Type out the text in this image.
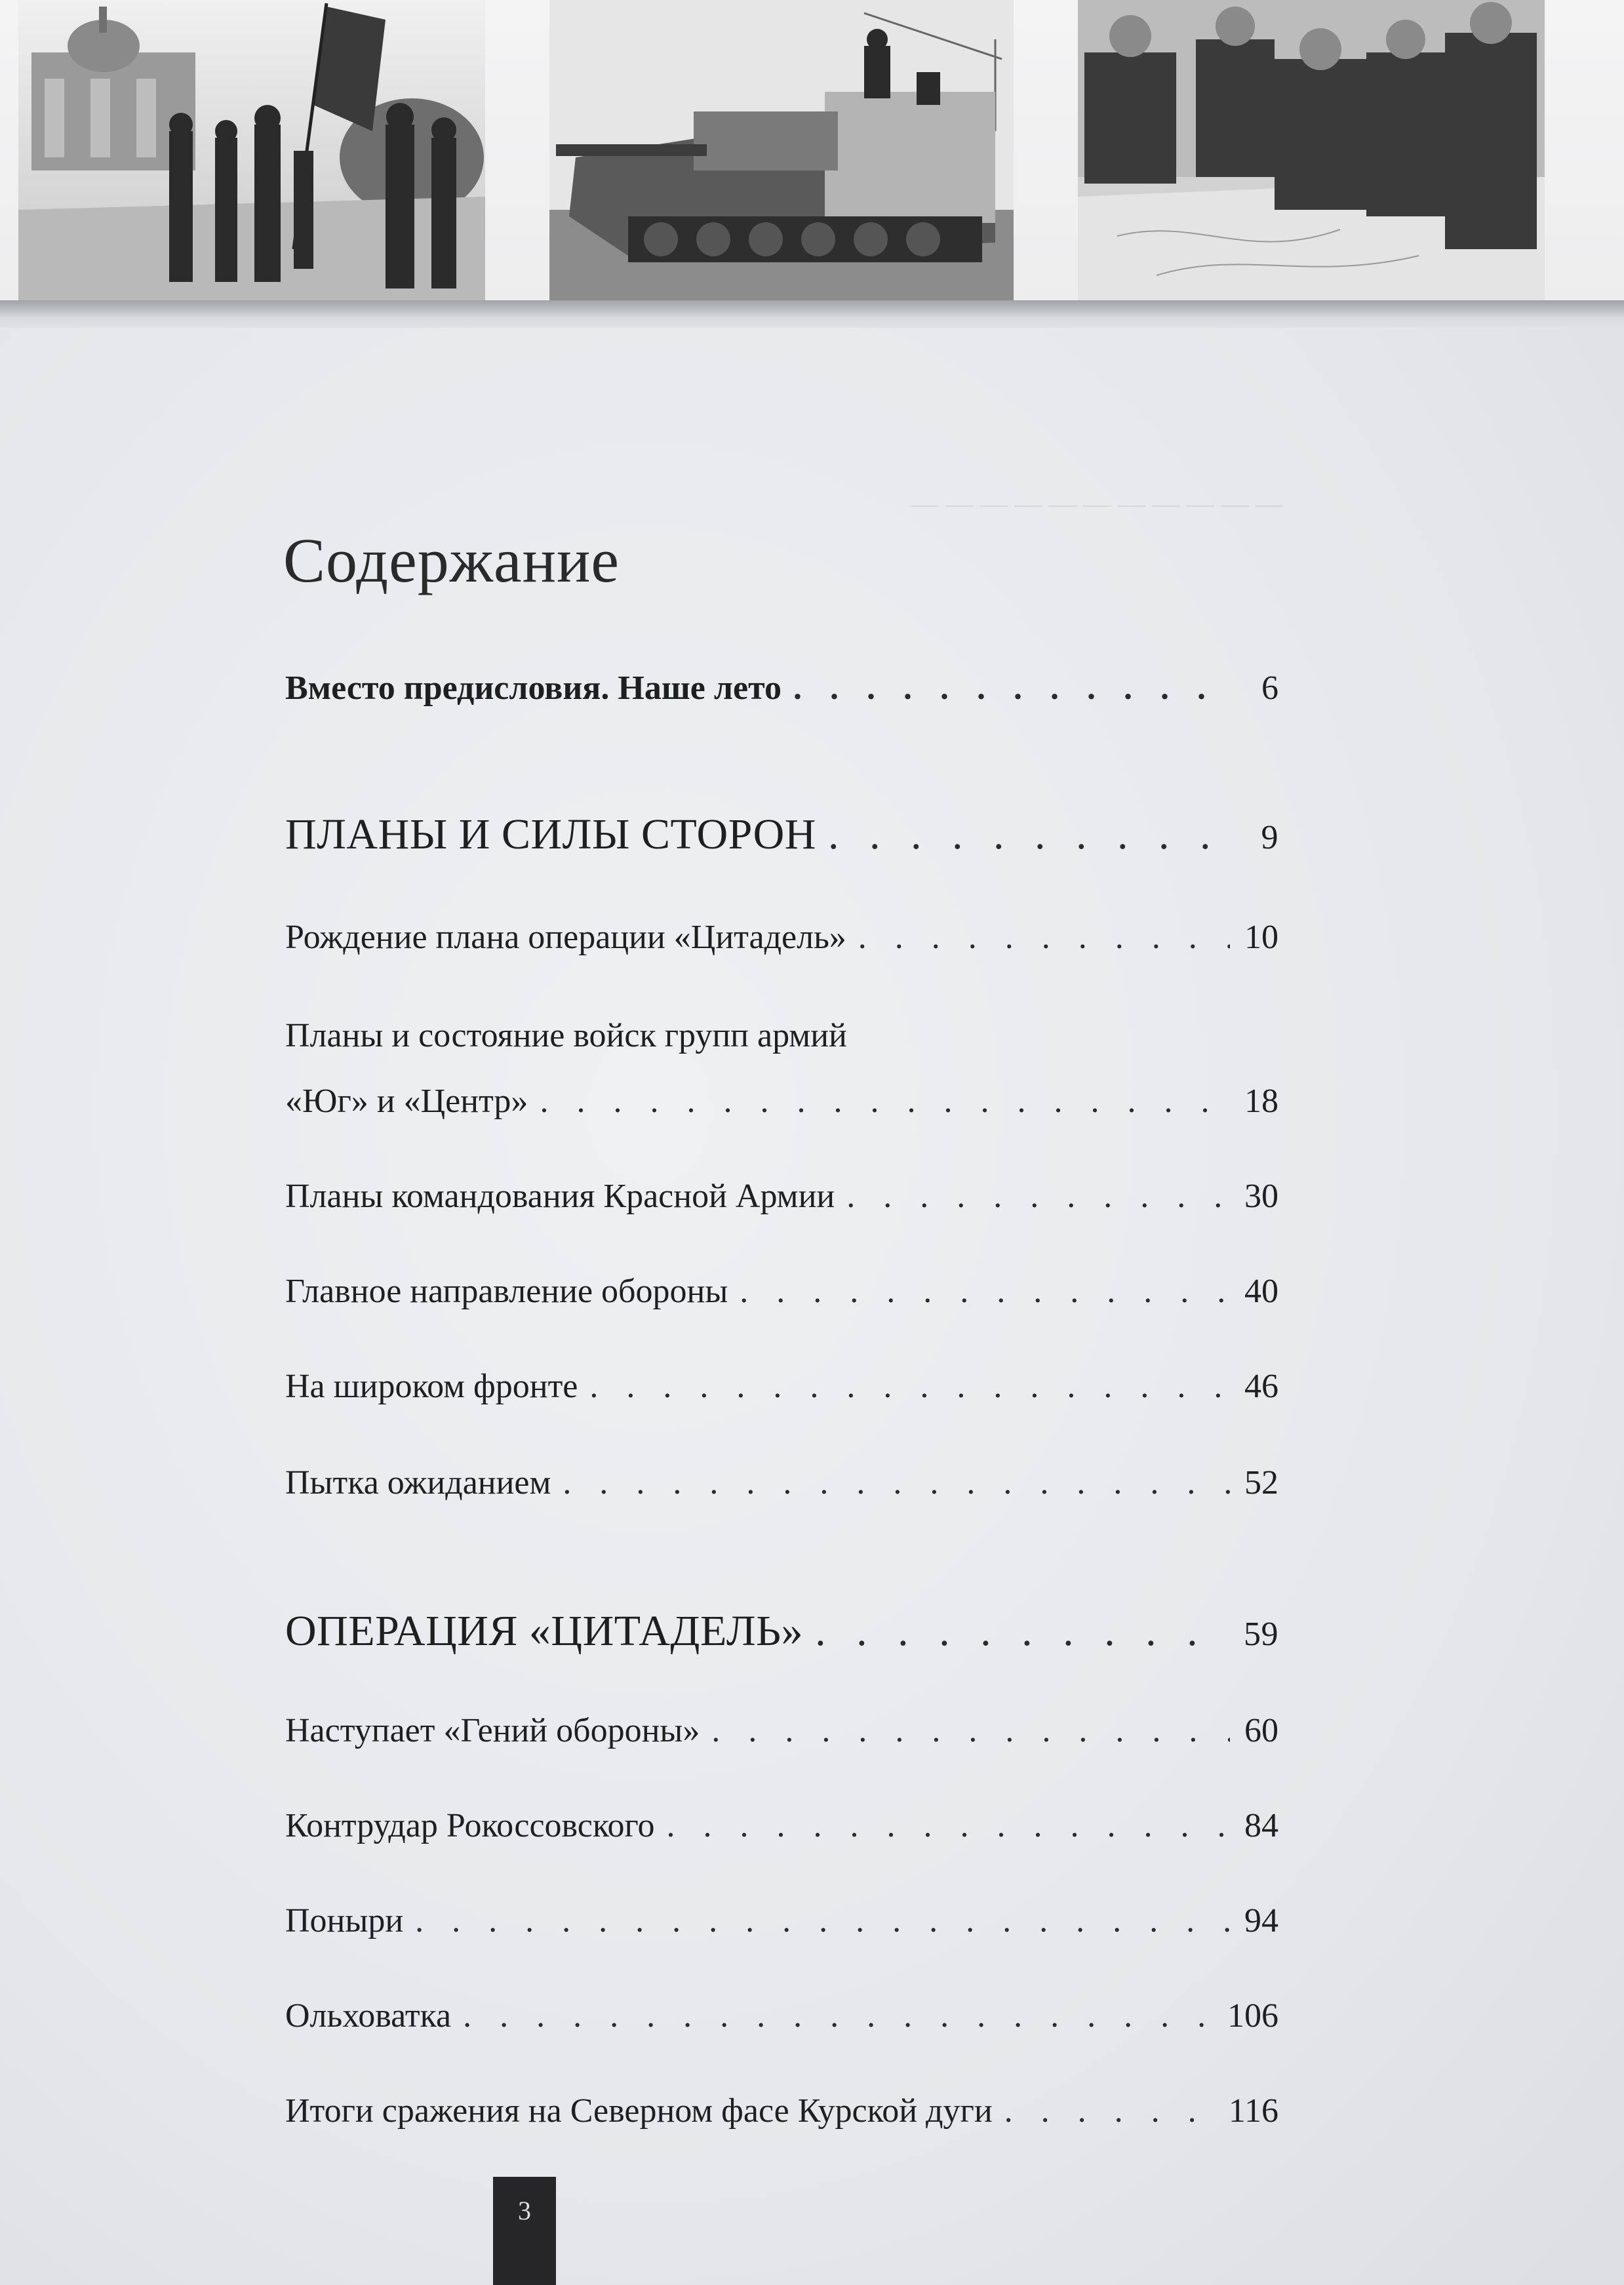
— — — — — — — — — — —
Содержание
Вместо предисловия. Наше лето . . .	6
ПЛАНЫ И СИЛЫ СТОРОН . . .	9
Рождение плана операции «Цитадель» . . .	10
Планы и состояние войск групп армий
«Юг» и «Центр» . . .	18
Планы командования Красной Армии . . .	30
Главное направление обороны . . .	40
На широком фронте . . .	46
Пытка ожиданием . . .	52
ОПЕРАЦИЯ «ЦИТАДЕЛЬ» . . .	59
Наступает «Гений обороны» . . .	60
Контрудар Рокоссовского . . .	84
Поныри . . .	94
Ольховатка . . .	106
Итоги сражения на Северном фасе Курской дуги . . .	116
3
